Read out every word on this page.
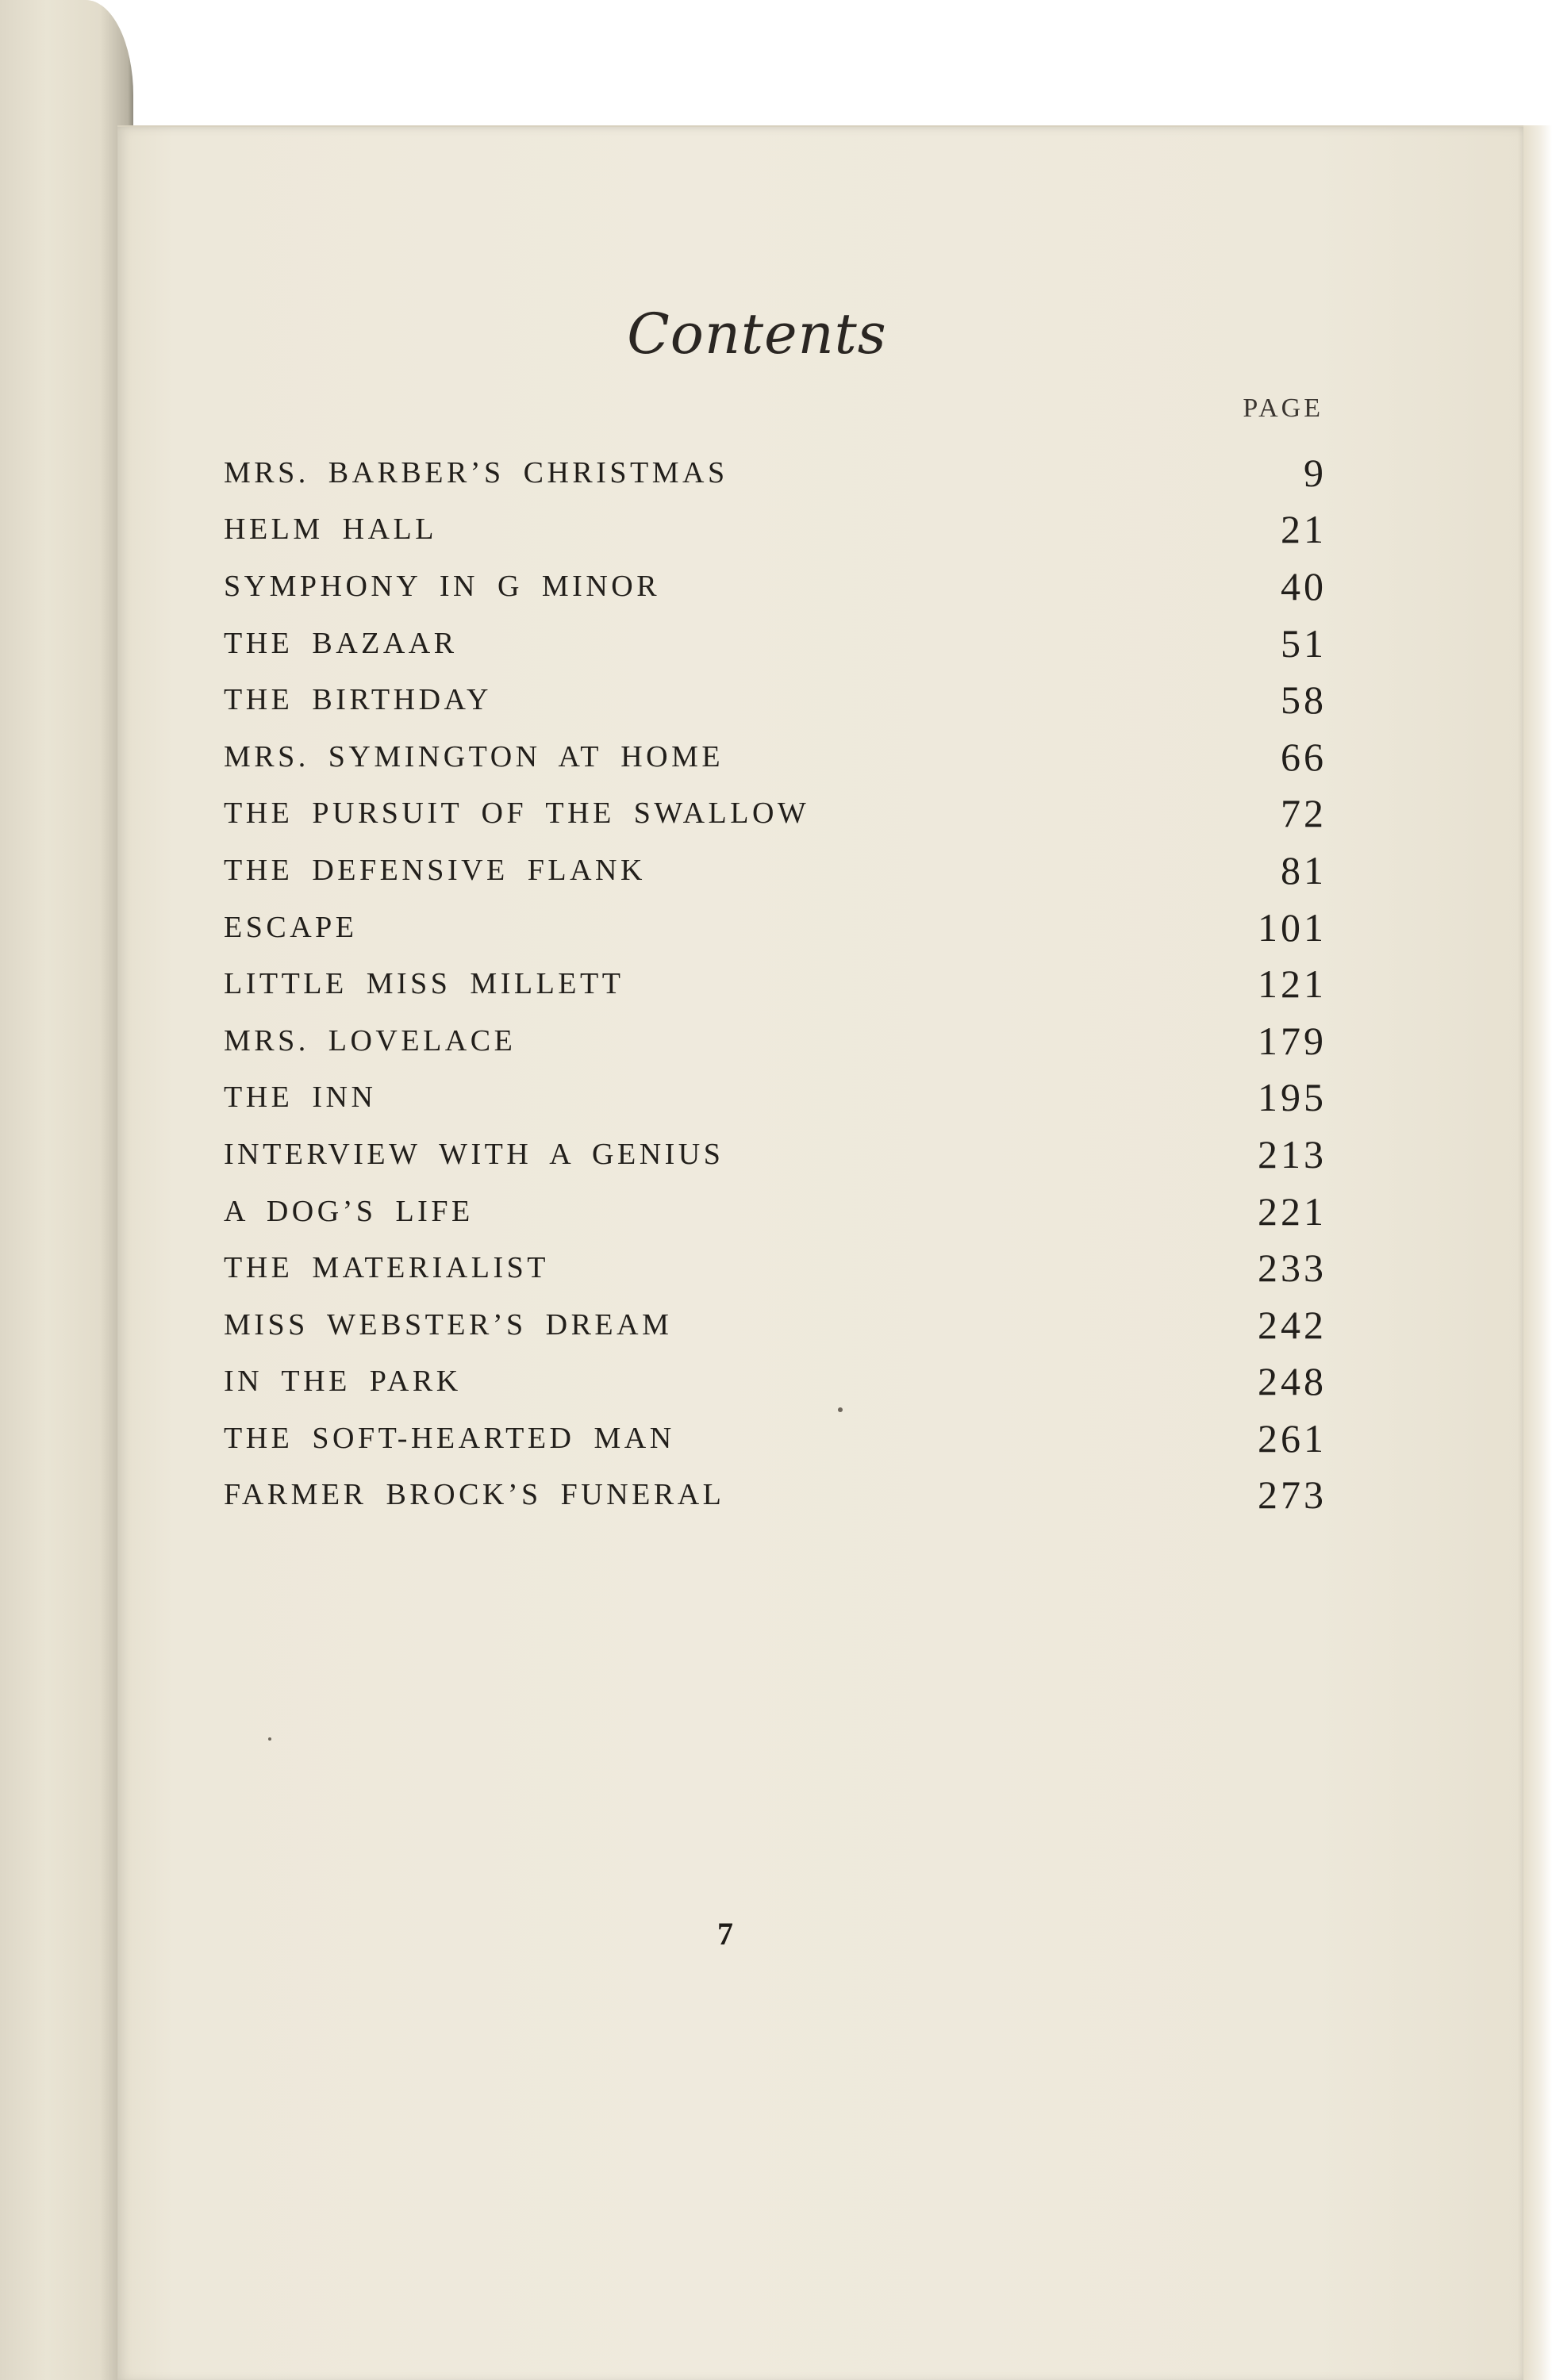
Contents
PAGE
MRS. BARBER’S CHRISTMAS	9
HELM HALL	21
SYMPHONY IN G MINOR	40
THE BAZAAR	51
THE BIRTHDAY	58
MRS. SYMINGTON AT HOME	66
THE PURSUIT OF THE SWALLOW	72
THE DEFENSIVE FLANK	81
ESCAPE	101
LITTLE MISS MILLETT	121
MRS. LOVELACE	179
THE INN	195
INTERVIEW WITH A GENIUS	213
A DOG’S LIFE	221
THE MATERIALIST	233
MISS WEBSTER’S DREAM	242
IN THE PARK	248
THE SOFT-HEARTED MAN	261
FARMER BROCK’S FUNERAL	273
7
